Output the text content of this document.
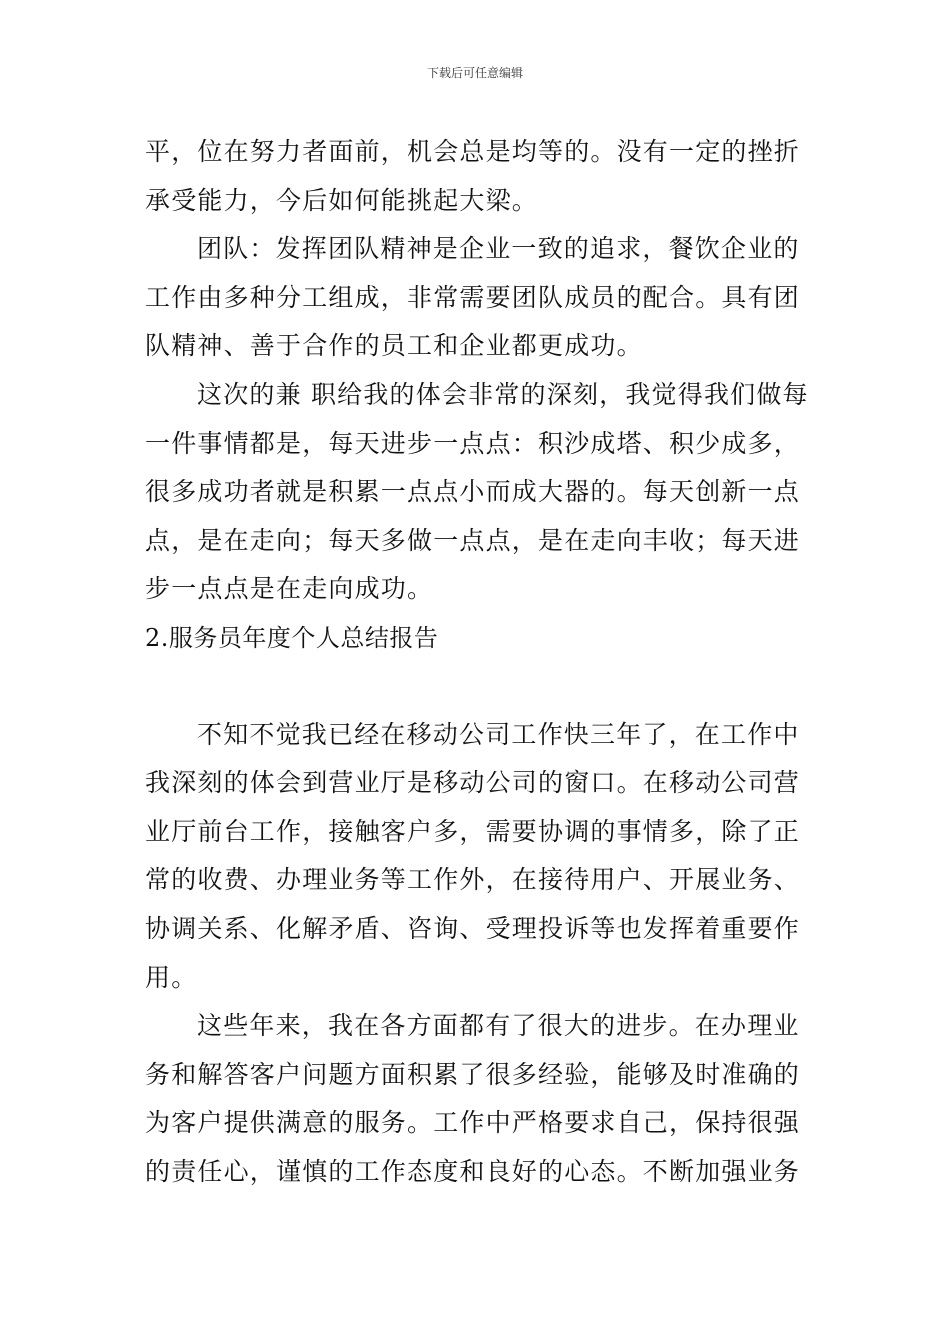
下载后可任意编辑
平，位在努力者面前，机会总是均等的。没有一定的挫折
承受能力，今后如何能挑起大梁。
团队：发挥团队精神是企业一致的追求，餐饮企业的
工作由多种分工组成，非常需要团队成员的配合。具有团
队精神、善于合作的员工和企业都更成功。
这次的兼 职给我的体会非常的深刻，我觉得我们做每
一件事情都是，每天进步一点点：积沙成塔、积少成多，
很多成功者就是积累一点点小而成大器的。每天创新一点
点，是在走向；每天多做一点点，是在走向丰收；每天进
步一点点是在走向成功。
2.服务员年度个人总结报告
不知不觉我已经在移动公司工作快三年了，在工作中
我深刻的体会到营业厅是移动公司的窗口。在移动公司营
业厅前台工作，接触客户多，需要协调的事情多，除了正
常的收费、办理业务等工作外，在接待用户、开展业务、
协调关系、化解矛盾、咨询、受理投诉等也发挥着重要作
用。
这些年来，我在各方面都有了很大的进步。在办理业
务和解答客户问题方面积累了很多经验，能够及时准确的
为客户提供满意的服务。工作中严格要求自己，保持很强
的责任心，谨慎的工作态度和良好的心态。不断加强业务
